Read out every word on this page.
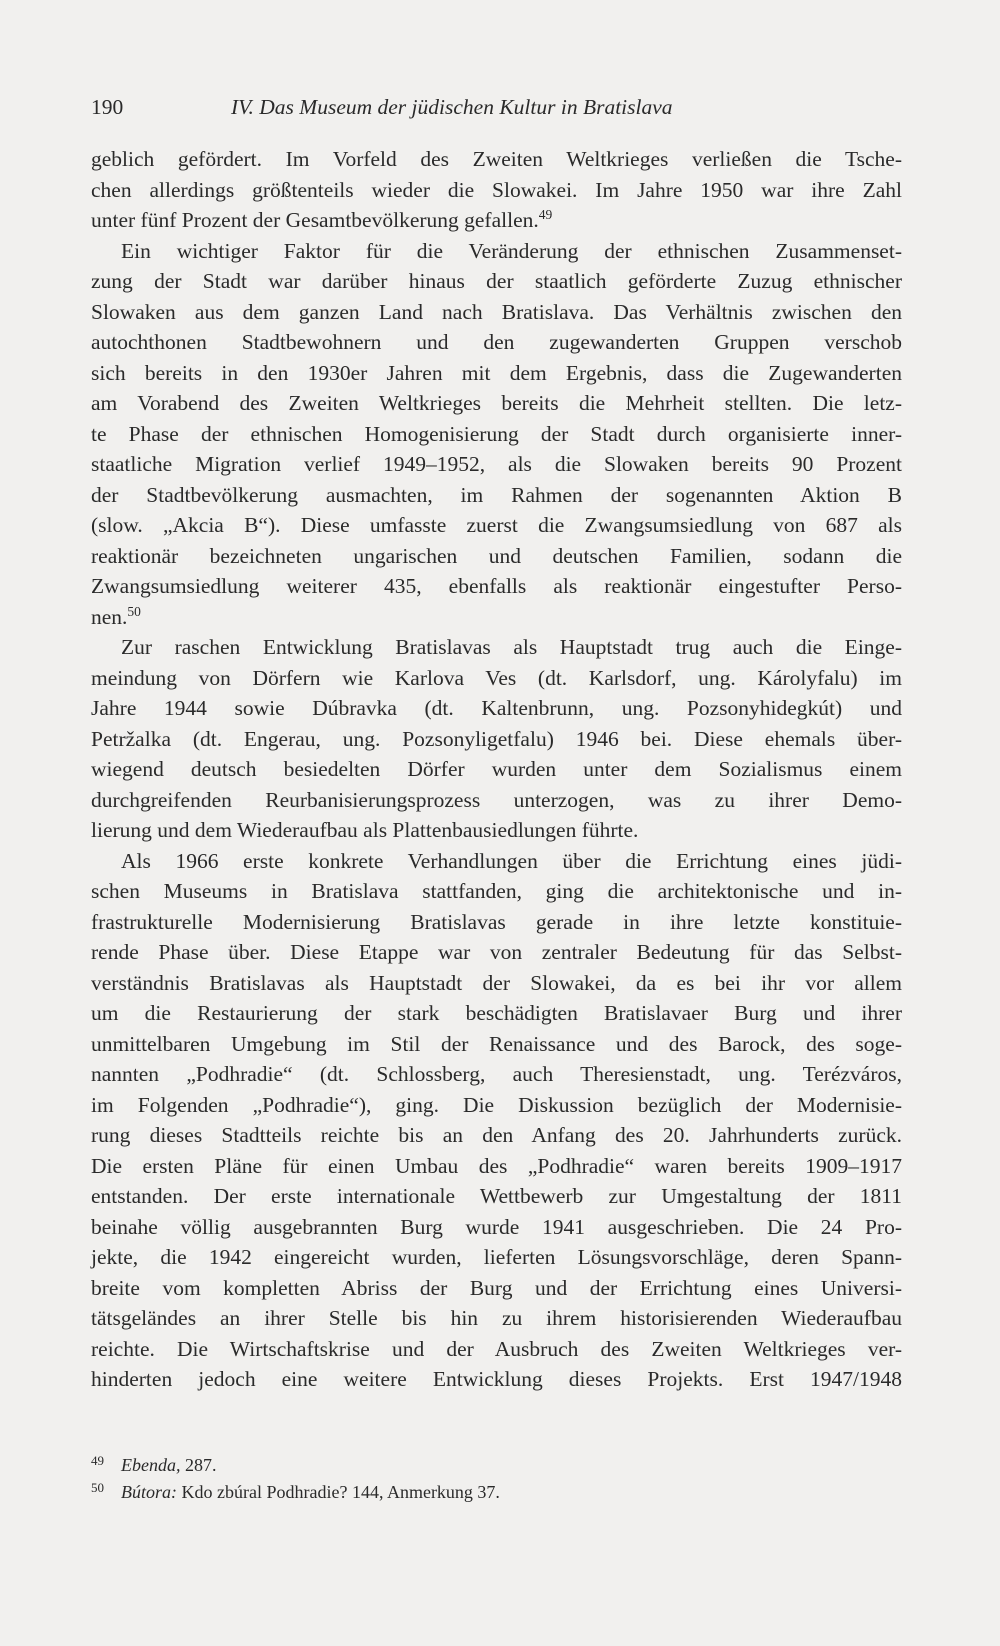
190	IV. Das Museum der jüdischen Kultur in Bratislava
geblich gefördert. Im Vorfeld des Zweiten Weltkrieges verließen die Tsche-
chen allerdings größtenteils wieder die Slowakei. Im Jahre 1950 war ihre Zahl
unter fünf Prozent der Gesamtbevölkerung gefallen.$^{49}$
Ein wichtiger Faktor für die Veränderung der ethnischen Zusammenset-
zung der Stadt war darüber hinaus der staatlich geförderte Zuzug ethnischer
Slowaken aus dem ganzen Land nach Bratislava. Das Verhältnis zwischen den
autochthonen Stadtbewohnern und den zugewanderten Gruppen verschob
sich bereits in den 1930er Jahren mit dem Ergebnis, dass die Zugewanderten
am Vorabend des Zweiten Weltkrieges bereits die Mehrheit stellten. Die letz-
te Phase der ethnischen Homogenisierung der Stadt durch organisierte inner-
staatliche Migration verlief 1949–1952, als die Slowaken bereits 90 Prozent
der Stadtbevölkerung ausmachten, im Rahmen der sogenannten Aktion B
(slow. „Akcia B“). Diese umfasste zuerst die Zwangsumsiedlung von 687 als
reaktionär bezeichneten ungarischen und deutschen Familien, sodann die
Zwangsumsiedlung weiterer 435, ebenfalls als reaktionär eingestufter Perso-
nen.$^{50}$
Zur raschen Entwicklung Bratislavas als Hauptstadt trug auch die Einge-
meindung von Dörfern wie Karlova Ves (dt. Karlsdorf, ung. Károlyfalu) im
Jahre 1944 sowie Dúbravka (dt. Kaltenbrunn, ung. Pozsonyhidegkút) und
Petržalka (dt. Engerau, ung. Pozsonyligetfalu) 1946 bei. Diese ehemals über-
wiegend deutsch besiedelten Dörfer wurden unter dem Sozialismus einem
durchgreifenden Reurbanisierungsprozess unterzogen, was zu ihrer Demo-
lierung und dem Wiederaufbau als Plattenbausiedlungen führte.
Als 1966 erste konkrete Verhandlungen über die Errichtung eines jüdi-
schen Museums in Bratislava stattfanden, ging die architektonische und in-
frastrukturelle Modernisierung Bratislavas gerade in ihre letzte konstituie-
rende Phase über. Diese Etappe war von zentraler Bedeutung für das Selbst-
verständnis Bratislavas als Hauptstadt der Slowakei, da es bei ihr vor allem
um die Restaurierung der stark beschädigten Bratislavaer Burg und ihrer
unmittelbaren Umgebung im Stil der Renaissance und des Barock, des soge-
nannten „Podhradie“ (dt. Schlossberg, auch Theresienstadt, ung. Terézváros,
im Folgenden „Podhradie“), ging. Die Diskussion bezüglich der Modernisie-
rung dieses Stadtteils reichte bis an den Anfang des 20. Jahrhunderts zurück.
Die ersten Pläne für einen Umbau des „Podhradie“ waren bereits 1909–1917
entstanden. Der erste internationale Wettbewerb zur Umgestaltung der 1811
beinahe völlig ausgebrannten Burg wurde 1941 ausgeschrieben. Die 24 Pro-
jekte, die 1942 eingereicht wurden, lieferten Lösungsvorschläge, deren Spann-
breite vom kompletten Abriss der Burg und der Errichtung eines Universi-
tätsgeländes an ihrer Stelle bis hin zu ihrem historisierenden Wiederaufbau
reichte. Die Wirtschaftskrise und der Ausbruch des Zweiten Weltkrieges ver-
hinderten jedoch eine weitere Entwicklung dieses Projekts. Erst 1947/1948
49 Ebenda, 287.
50 Bútora: Kdo zbúral Podhradie? 144, Anmerkung 37.
